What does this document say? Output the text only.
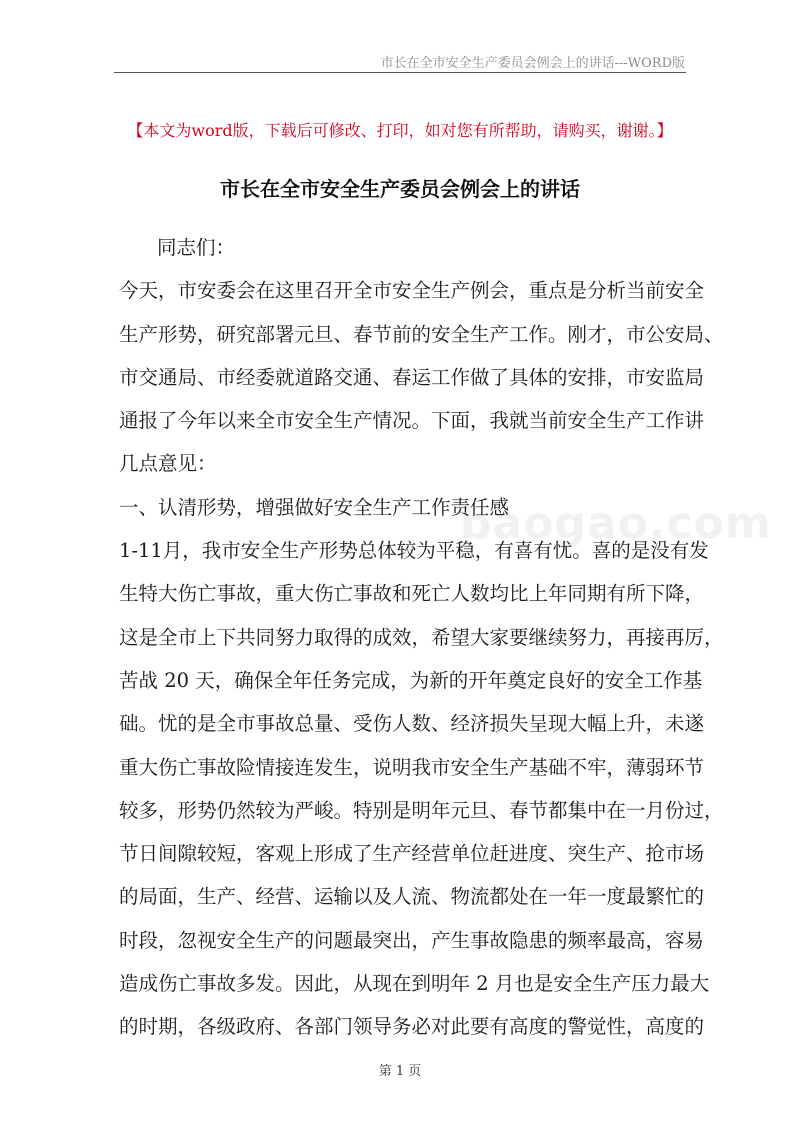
市长在全市安全生产委员会例会上的讲话---WORD版
【本文为word版，下载后可修改、打印，如对您有所帮助，请购买，谢谢。】
市长在全市安全生产委员会例会上的讲话
baogao.com
同志们：
今天，市安委会在这里召开全市安全生产例会，重点是分析当前安全
生产形势，研究部署元旦、春节前的安全生产工作。刚才，市公安局、
市交通局、市经委就道路交通、春运工作做了具体的安排，市安监局
通报了今年以来全市安全生产情况。下面，我就当前安全生产工作讲
几点意见：
一、认清形势，增强做好安全生产工作责任感
1-11月，我市安全生产形势总体较为平稳，有喜有忧。喜的是没有发
生特大伤亡事故，重大伤亡事故和死亡人数均比上年同期有所下降，
这是全市上下共同努力取得的成效，希望大家要继续努力，再接再厉，
苦战 20 天，确保全年任务完成，为新的开年奠定良好的安全工作基
础。忧的是全市事故总量、受伤人数、经济损失呈现大幅上升，未遂
重大伤亡事故险情接连发生，说明我市安全生产基础不牢，薄弱环节
较多，形势仍然较为严峻。特别是明年元旦、春节都集中在一月份过，
节日间隙较短，客观上形成了生产经营单位赶进度、突生产、抢市场
的局面，生产、经营、运输以及人流、物流都处在一年一度最繁忙的
时段，忽视安全生产的问题最突出，产生事故隐患的频率最高，容易
造成伤亡事故多发。因此，从现在到明年 2 月也是安全生产压力最大
的时期，各级政府、各部门领导务必对此要有高度的警觉性，高度的
第 1 页
